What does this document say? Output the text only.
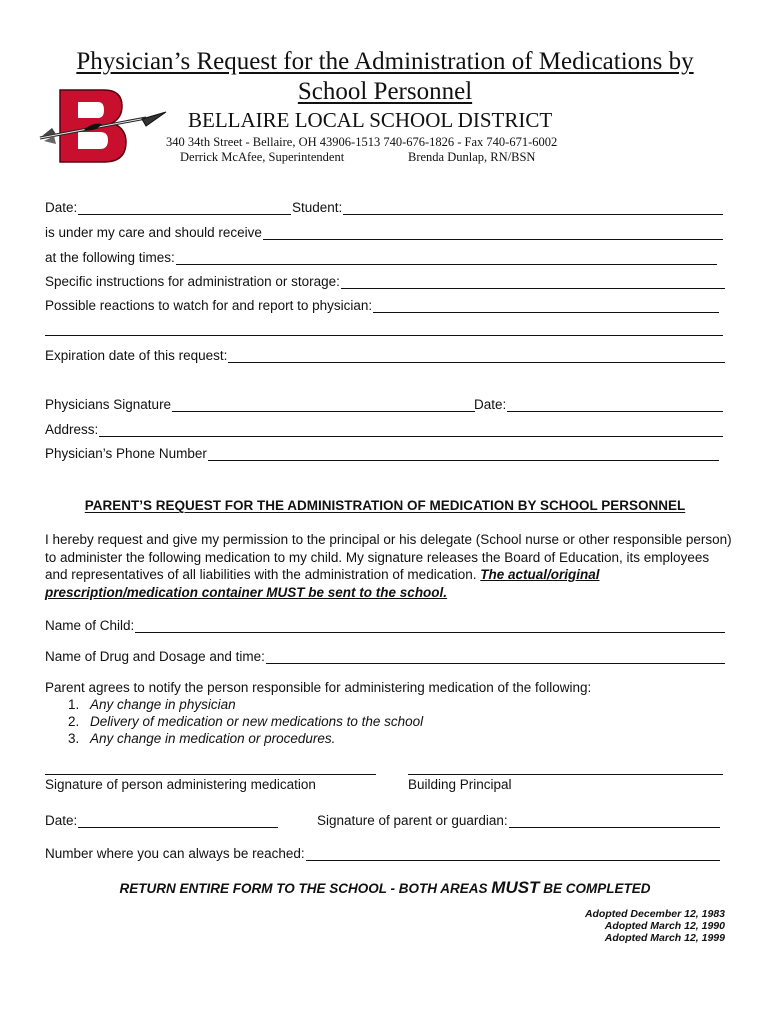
Physician’s Request for the Administration of Medications by
School Personnel
BELLAIRE LOCAL SCHOOL DISTRICT
340 34th Street - Bellaire, OH 43906-1513 740-676-1826 - Fax 740-671-6002
Derrick McAfee, Superintendent	Brenda Dunlap, RN/BSN
Date:	Student:
is under my care and should receive
at the following times:
Specific instructions for administration or storage:
Possible reactions to watch for and report to physician:
Expiration date of this request:
Physicians Signature	Date:
Address:
Physician’s Phone Number
PARENT’S REQUEST FOR THE ADMINISTRATION OF MEDICATION BY SCHOOL PERSONNEL
I hereby request and give my permission to the principal or his delegate (School nurse or other responsible person) to administer the following medication to my child. My signature releases the Board of Education, its employees and representatives of all liabilities with the administration of medication. The actual/original prescription/medication container MUST be sent to the school.
Name of Child:
Name of Drug and Dosage and time:
Parent agrees to notify the person responsible for administering medication of the following:
1. Any change in physician
2. Delivery of medication or new medications to the school
3. Any change in medication or procedures.
Signature of person administering medication	Building Principal
Date:	Signature of parent or guardian:
Number where you can always be reached:
RETURN ENTIRE FORM TO THE SCHOOL - BOTH AREAS MUST BE COMPLETED
Adopted December 12, 1983
Adopted March 12, 1990
Adopted March 12, 1999
